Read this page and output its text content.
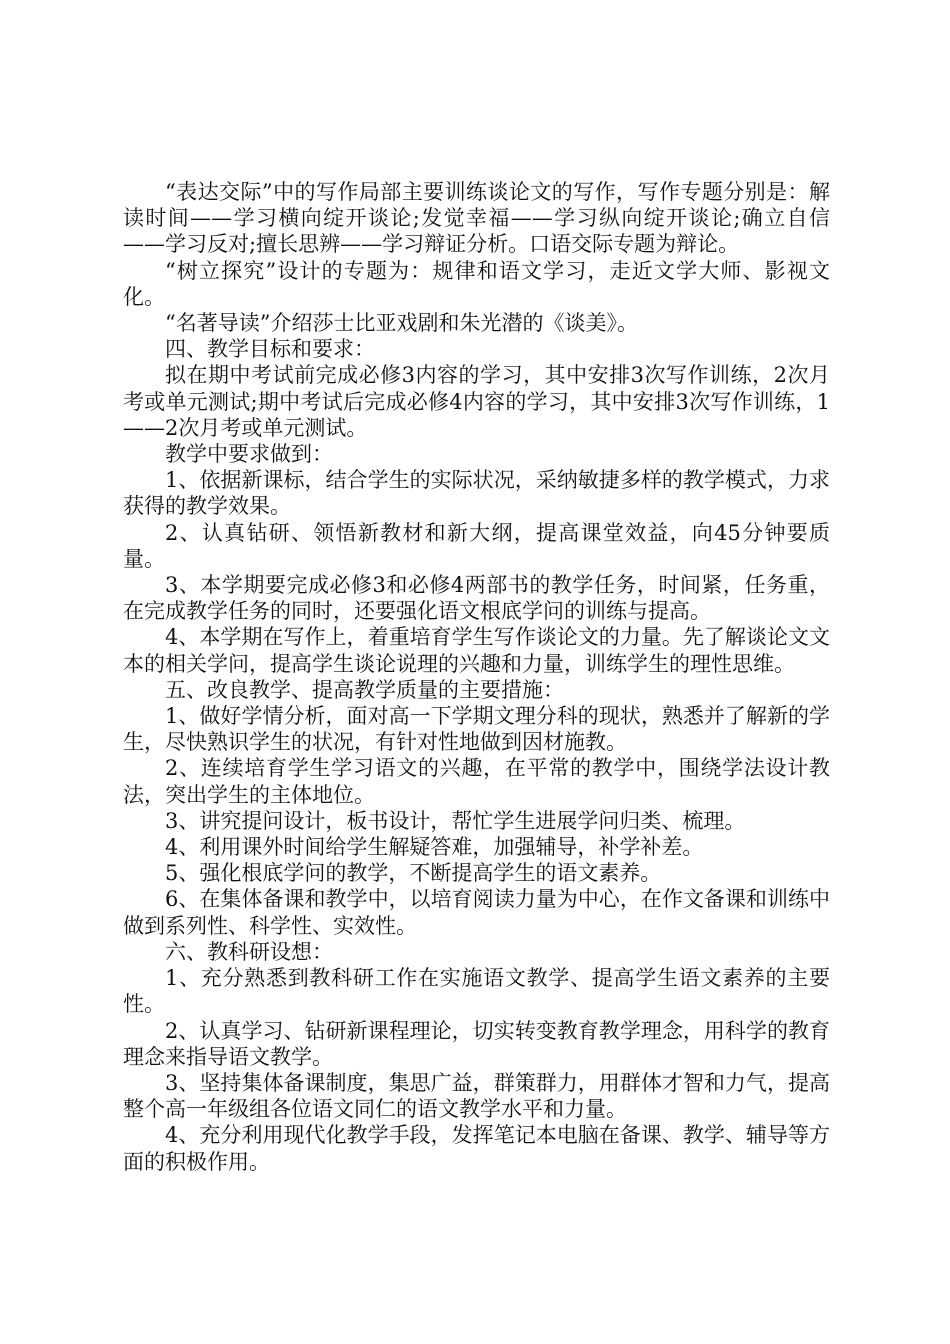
“表达交际”中的写作局部主要训练谈论文的写作，写作专题分别是：解读时间——学习横向绽开谈论;发觉幸福——学习纵向绽开谈论;确立自信——学习反对;擅长思辨——学习辩证分析。口语交际专题为辩论。

“树立探究”设计的专题为：规律和语文学习，走近文学大师、影视文化。

“名著导读”介绍莎士比亚戏剧和朱光潜的《谈美》。

四、教学目标和要求：

拟在期中考试前完成必修3内容的学习，其中安排3次写作训练，2次月考或单元测试;期中考试后完成必修4内容的学习，其中安排3次写作训练，1——2次月考或单元测试。

教学中要求做到：

1、依据新课标，结合学生的实际状况，采纳敏捷多样的教学模式，力求获得的教学效果。

2、认真钻研、领悟新教材和新大纲，提高课堂效益，向45分钟要质量。

3、本学期要完成必修3和必修4两部书的教学任务，时间紧，任务重，在完成教学任务的同时，还要强化语文根底学问的训练与提高。

4、本学期在写作上，着重培育学生写作谈论文的力量。先了解谈论文文本的相关学问，提高学生谈论说理的兴趣和力量，训练学生的理性思维。

五、改良教学、提高教学质量的主要措施：

1、做好学情分析，面对高一下学期文理分科的现状，熟悉并了解新的学生，尽快熟识学生的状况，有针对性地做到因材施教。

2、连续培育学生学习语文的兴趣，在平常的教学中，围绕学法设计教法，突出学生的主体地位。

3、讲究提问设计，板书设计，帮忙学生进展学问归类、梳理。

4、利用课外时间给学生解疑答难，加强辅导，补学补差。

5、强化根底学问的教学，不断提高学生的语文素养。

6、在集体备课和教学中，以培育阅读力量为中心，在作文备课和训练中做到系列性、科学性、实效性。

六、教科研设想：

1、充分熟悉到教科研工作在实施语文教学、提高学生语文素养的主要性。

2、认真学习、钻研新课程理论，切实转变教育教学理念，用科学的教育理念来指导语文教学。

3、坚持集体备课制度，集思广益，群策群力，用群体才智和力气，提高整个高一年级组各位语文同仁的语文教学水平和力量。

4、充分利用现代化教学手段，发挥笔记本电脑在备课、教学、辅导等方面的积极作用。
